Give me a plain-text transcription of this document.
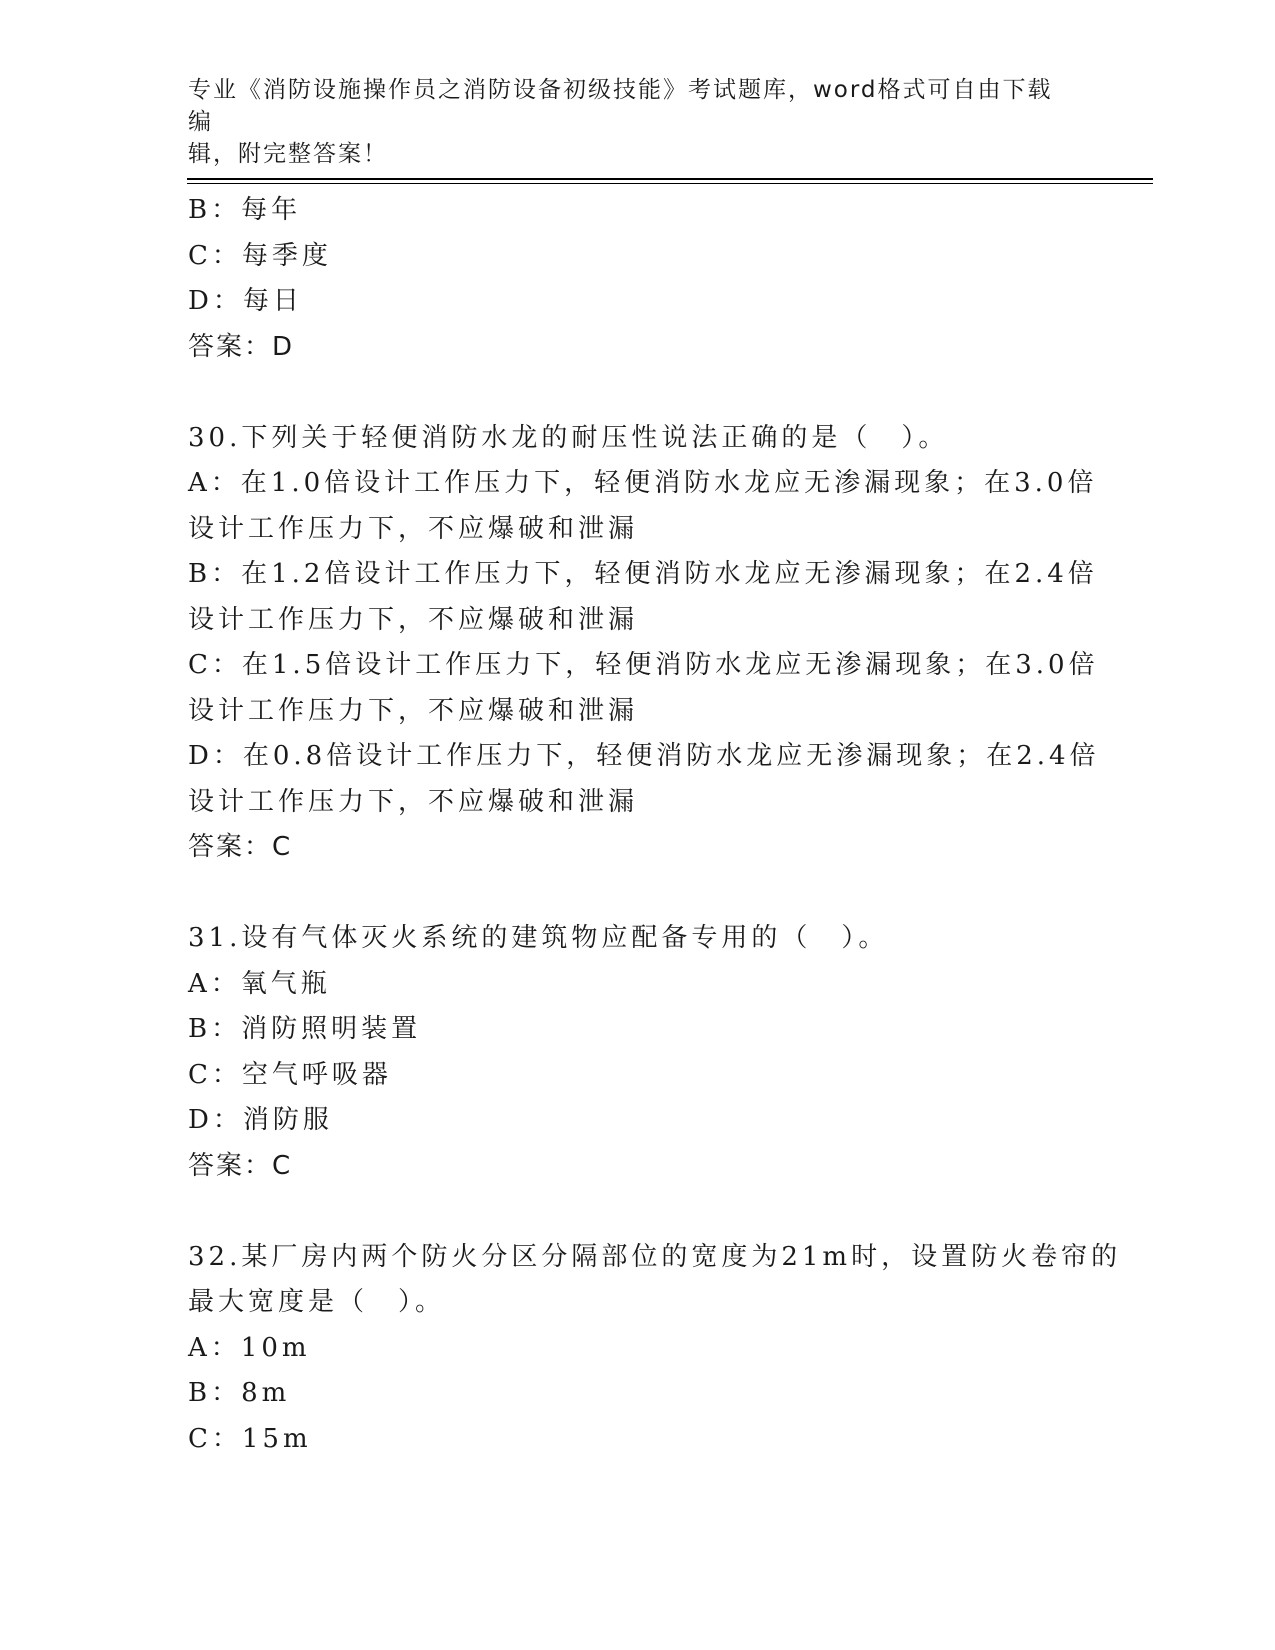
专业《消防设施操作员之消防设备初级技能》考试题库，word格式可自由下载编
辑，附完整答案！
B：每年
C：每季度
D：每日
答案：D
30.下列关于轻便消防水龙的耐压性说法正确的是（　）。
A：在1.0倍设计工作压力下，轻便消防水龙应无渗漏现象；在3.0倍
设计工作压力下，不应爆破和泄漏
B：在1.2倍设计工作压力下，轻便消防水龙应无渗漏现象；在2.4倍
设计工作压力下，不应爆破和泄漏
C：在1.5倍设计工作压力下，轻便消防水龙应无渗漏现象；在3.0倍
设计工作压力下，不应爆破和泄漏
D：在0.8倍设计工作压力下，轻便消防水龙应无渗漏现象；在2.4倍
设计工作压力下，不应爆破和泄漏
答案：C
31.设有气体灭火系统的建筑物应配备专用的（　）。
A：氧气瓶
B：消防照明装置
C：空气呼吸器
D：消防服
答案：C
32.某厂房内两个防火分区分隔部位的宽度为21m时，设置防火卷帘的
最大宽度是（　）。
A：10m
B：8m
C：15m
